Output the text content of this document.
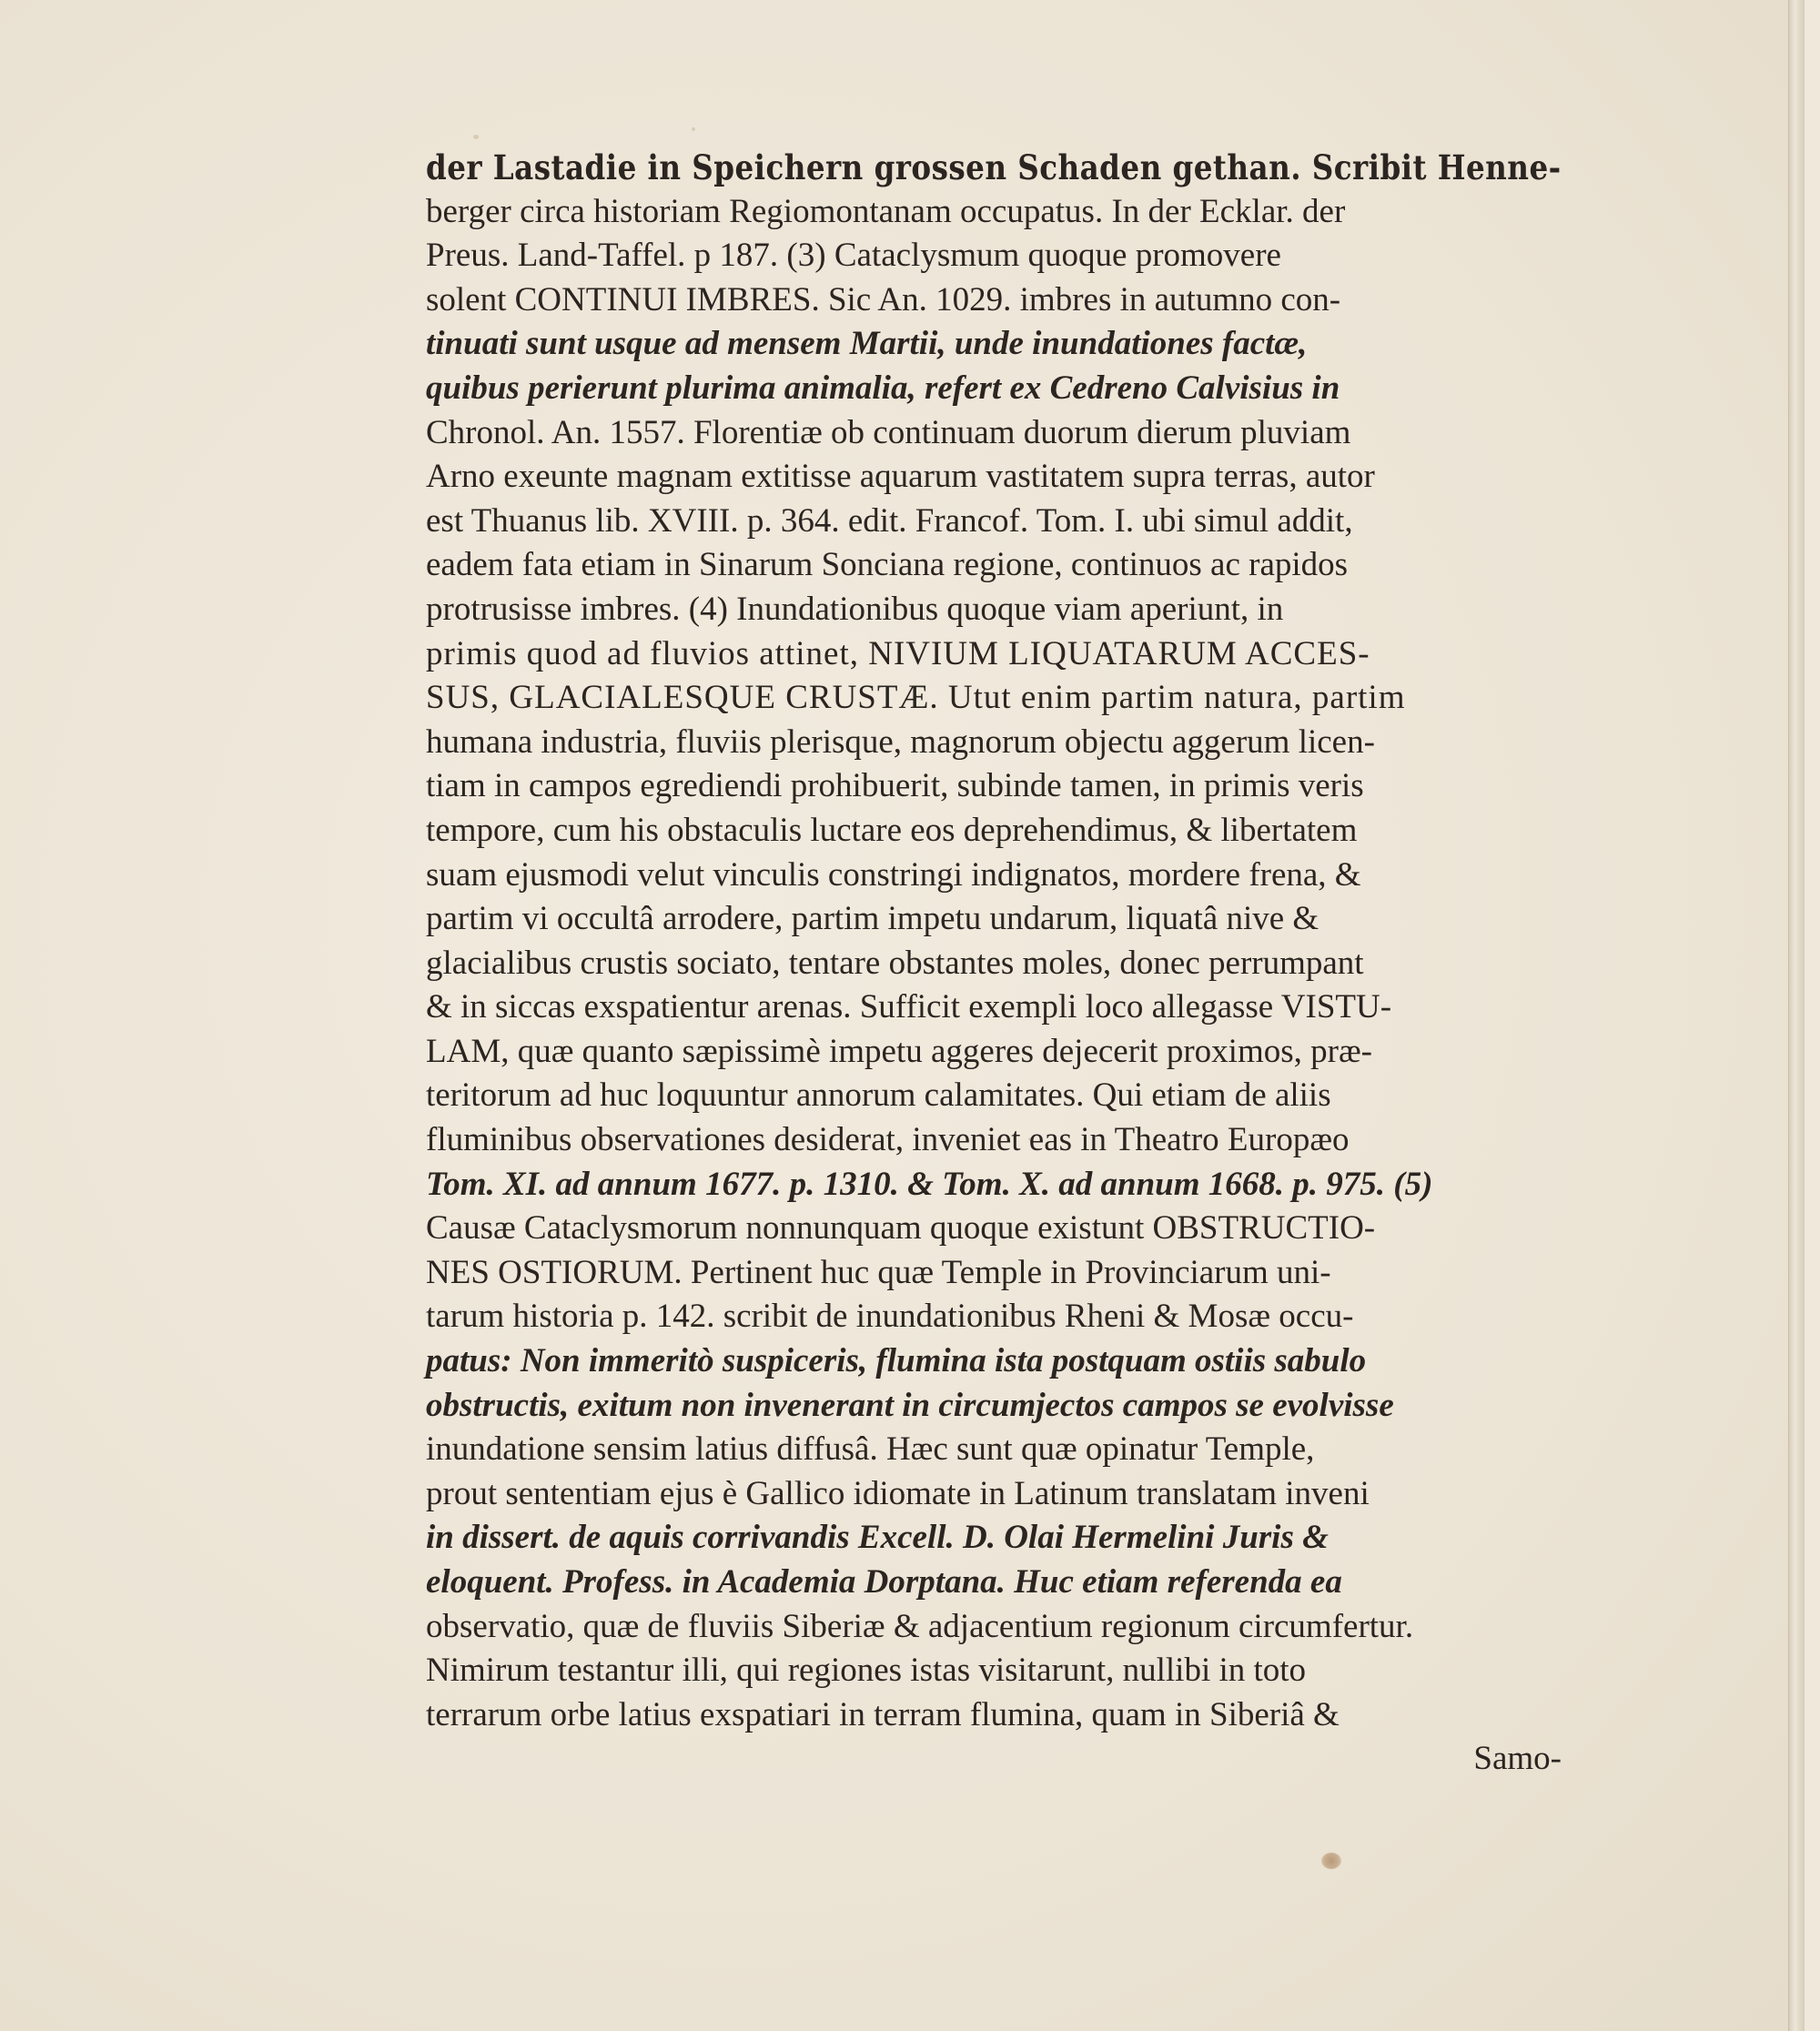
der Lastadie in Speichern grossen Schaden gethan. Scribit Henne-
berger circa historiam Regiomontanam occupatus. In der Ecklar. der
Preus. Land-Taffel. p 187. (3) Cataclysmum quoque promovere
solent CONTINUI IMBRES. Sic An. 1029. imbres in autumno con-
tinuati sunt usque ad mensem Martii, unde inundationes factæ,
quibus perierunt plurima animalia, refert ex Cedreno Calvisius in
Chronol. An. 1557. Florentiæ ob continuam duorum dierum pluviam
Arno exeunte magnam extitisse aquarum vastitatem supra terras, autor
est Thuanus lib. XVIII. p. 364. edit. Francof. Tom. I. ubi simul addit,
eadem fata etiam in Sinarum Sonciana regione, continuos ac rapidos
protrusisse imbres. (4) Inundationibus quoque viam aperiunt, in
primis quod ad fluvios attinet, NIVIUM LIQUATARUM ACCES-
SUS, GLACIALESQUE CRUSTÆ. Utut enim partim natura, partim
humana industria, fluviis plerisque, magnorum objectu aggerum licen-
tiam in campos egrediendi prohibuerit, subinde tamen, in primis veris
tempore, cum his obstaculis luctare eos deprehendimus, & libertatem
suam ejusmodi velut vinculis constringi indignatos, mordere frena, &
partim vi occultâ arrodere, partim impetu undarum, liquatâ nive &
glacialibus crustis sociato, tentare obstantes moles, donec perrumpant
& in siccas exspatientur arenas. Sufficit exempli loco allegasse VISTU-
LAM, quæ quanto sæpissimè impetu aggeres dejecerit proximos, præ-
teritorum ad huc loquuntur annorum calamitates. Qui etiam de aliis
fluminibus observationes desiderat, inveniet eas in Theatro Europæo
Tom. XI. ad annum 1677. p. 1310. & Tom. X. ad annum 1668. p. 975. (5)
Causæ Cataclysmorum nonnunquam quoque existunt OBSTRUCTIO-
NES OSTIORUM. Pertinent huc quæ Temple in Provinciarum uni-
tarum historia p. 142. scribit de inundationibus Rheni & Mosæ occu-
patus: Non immeritò suspiceris, flumina ista postquam ostiis sabulo
obstructis, exitum non invenerant in circumjectos campos se evolvisse
inundatione sensim latius diffusâ. Hæc sunt quæ opinatur Temple,
prout sententiam ejus è Gallico idiomate in Latinum translatam inveni
in dissert. de aquis corrivandis Excell. D. Olai Hermelini Juris &
eloquent. Profess. in Academia Dorptana. Huc etiam referenda ea
observatio, quæ de fluviis Siberiæ & adjacentium regionum circumfertur.
Nimirum testantur illi, qui regiones istas visitarunt, nullibi in toto
terrarum orbe latius exspatiari in terram flumina, quam in Siberiâ &
Samo-
